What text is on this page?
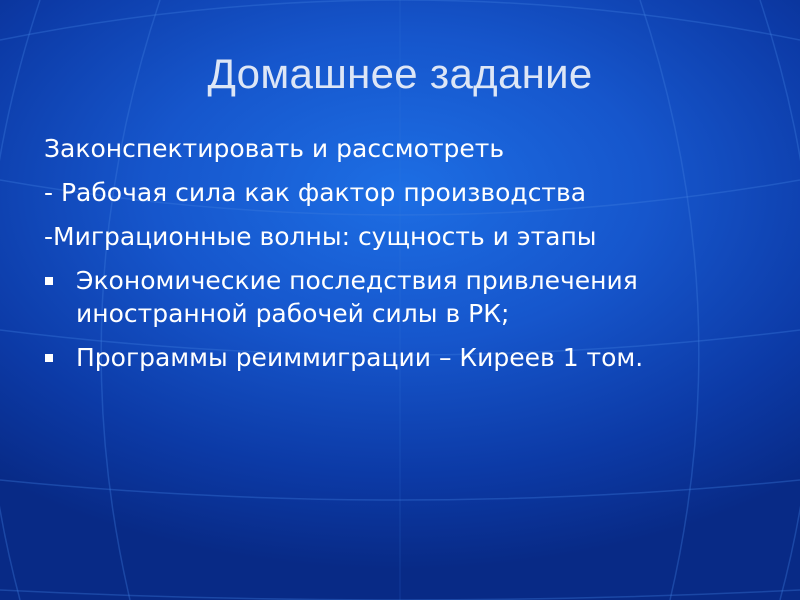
Домашнее задание
Законспектировать и рассмотреть
- Рабочая сила как фактор производства
-Миграционные волны: сущность и этапы
Экономические последствия привлечения иностранной рабочей силы в РК;
Программы реиммиграции – Киреев 1 том.
